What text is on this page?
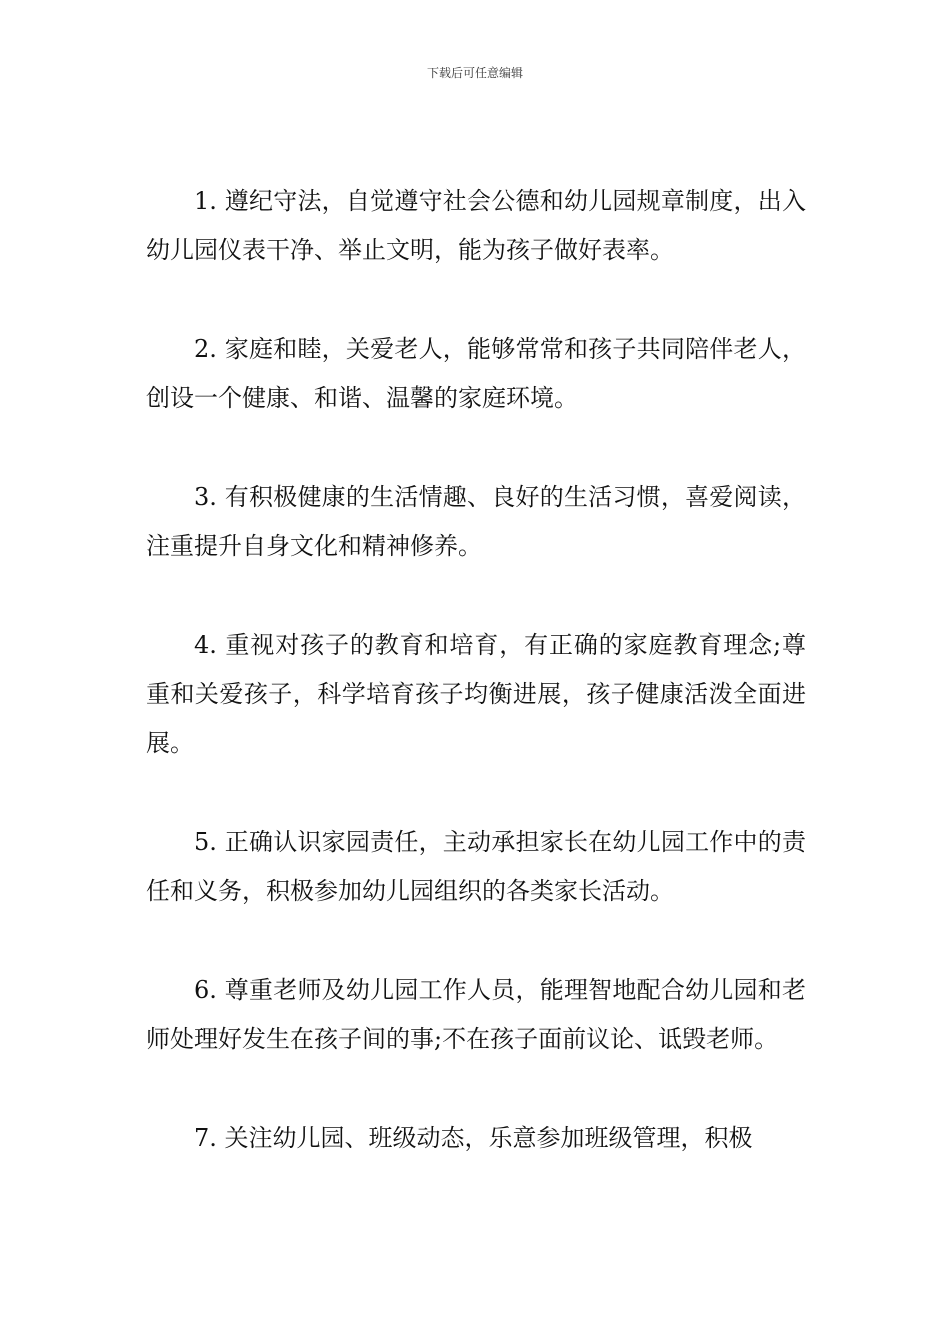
下载后可任意编辑

1. 遵纪守法，自觉遵守社会公德和幼儿园规章制度，出入幼儿园仪表干净、举止文明，能为孩子做好表率。

2. 家庭和睦，关爱老人，能够常常和孩子共同陪伴老人，创设一个健康、和谐、温馨的家庭环境。

3. 有积极健康的生活情趣、良好的生活习惯，喜爱阅读，注重提升自身文化和精神修养。

4. 重视对孩子的教育和培育，有正确的家庭教育理念;尊重和关爱孩子，科学培育孩子均衡进展，孩子健康活泼全面进展。

5. 正确认识家园责任，主动承担家长在幼儿园工作中的责任和义务，积极参加幼儿园组织的各类家长活动。

6. 尊重老师及幼儿园工作人员，能理智地配合幼儿园和老师处理好发生在孩子间的事;不在孩子面前议论、诋毁老师。

7. 关注幼儿园、班级动态，乐意参加班级管理，积极
